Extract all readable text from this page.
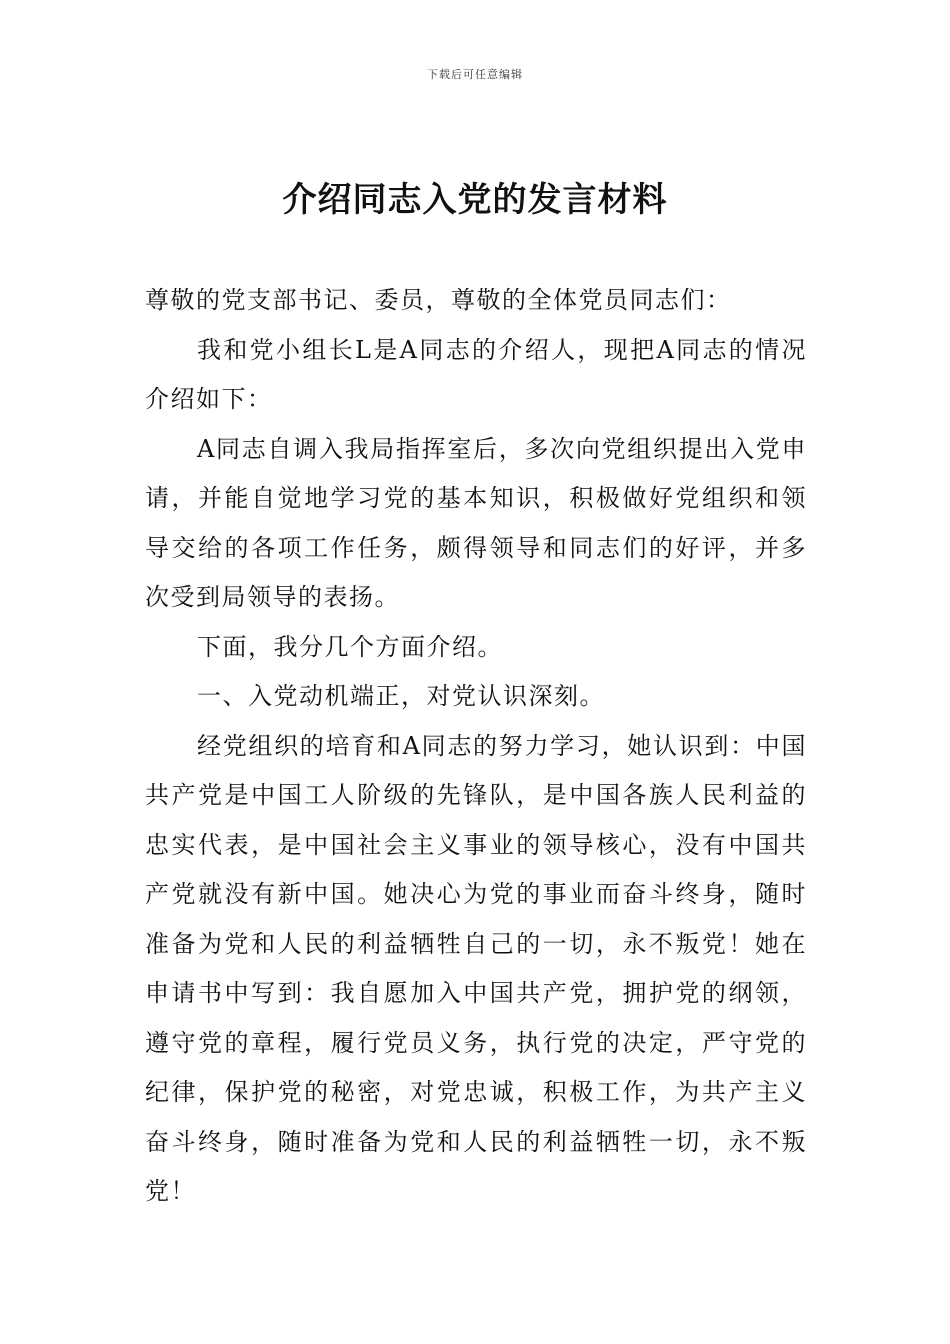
下载后可任意编辑
介绍同志入党的发言材料

尊敬的党支部书记、委员，尊敬的全体党员同志们：

我和党小组长L是A同志的介绍人，现把A同志的情况介绍如下：

A同志自调入我局指挥室后，多次向党组织提出入党申请，并能自觉地学习党的基本知识，积极做好党组织和领导交给的各项工作任务，颇得领导和同志们的好评，并多次受到局领导的表扬。

下面，我分几个方面介绍。

一、入党动机端正，对党认识深刻。

经党组织的培育和A同志的努力学习，她认识到：中国共产党是中国工人阶级的先锋队，是中国各族人民利益的忠实代表，是中国社会主义事业的领导核心，没有中国共产党就没有新中国。她决心为党的事业而奋斗终身，随时准备为党和人民的利益牺牲自己的一切，永不叛党！她在申请书中写到：我自愿加入中国共产党，拥护党的纲领，遵守党的章程，履行党员义务，执行党的决定，严守党的纪律，保护党的秘密，对党忠诚，积极工作，为共产主义奋斗终身，随时准备为党和人民的利益牺牲一切，永不叛党！
